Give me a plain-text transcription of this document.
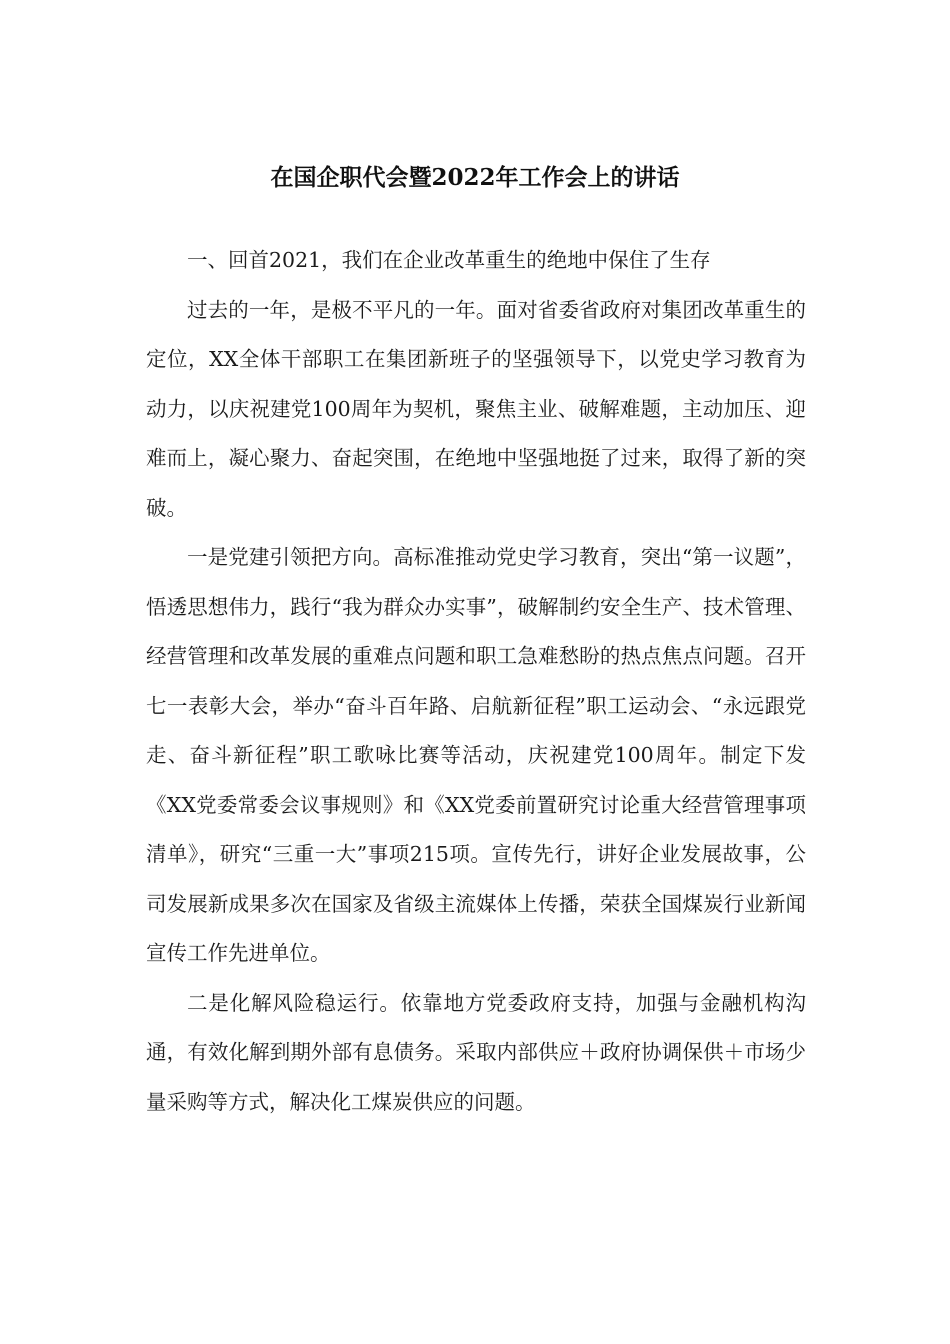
在国企职代会暨2022年工作会上的讲话

一、回首2021，我们在企业改革重生的绝地中保住了生存

过去的一年，是极不平凡的一年。面对省委省政府对集团改革重生的定位，XX全体干部职工在集团新班子的坚强领导下，以党史学习教育为动力，以庆祝建党100周年为契机，聚焦主业、破解难题，主动加压、迎难而上，凝心聚力、奋起突围，在绝地中坚强地挺了过来，取得了新的突破。

一是党建引领把方向。高标准推动党史学习教育，突出“第一议题”，悟透思想伟力，践行“我为群众办实事”，破解制约安全生产、技术管理、经营管理和改革发展的重难点问题和职工急难愁盼的热点焦点问题。召开七一表彰大会，举办“奋斗百年路、启航新征程”职工运动会、“永远跟党走、奋斗新征程”职工歌咏比赛等活动，庆祝建党100周年。制定下发《XX党委常委会议事规则》和《XX党委前置研究讨论重大经营管理事项清单》，研究“三重一大”事项215项。宣传先行，讲好企业发展故事，公司发展新成果多次在国家及省级主流媒体上传播，荣获全国煤炭行业新闻宣传工作先进单位。

二是化解风险稳运行。依靠地方党委政府支持，加强与金融机构沟通，有效化解到期外部有息债务。采取内部供应＋政府协调保供＋市场少量采购等方式，解决化工煤炭供应的问题。
